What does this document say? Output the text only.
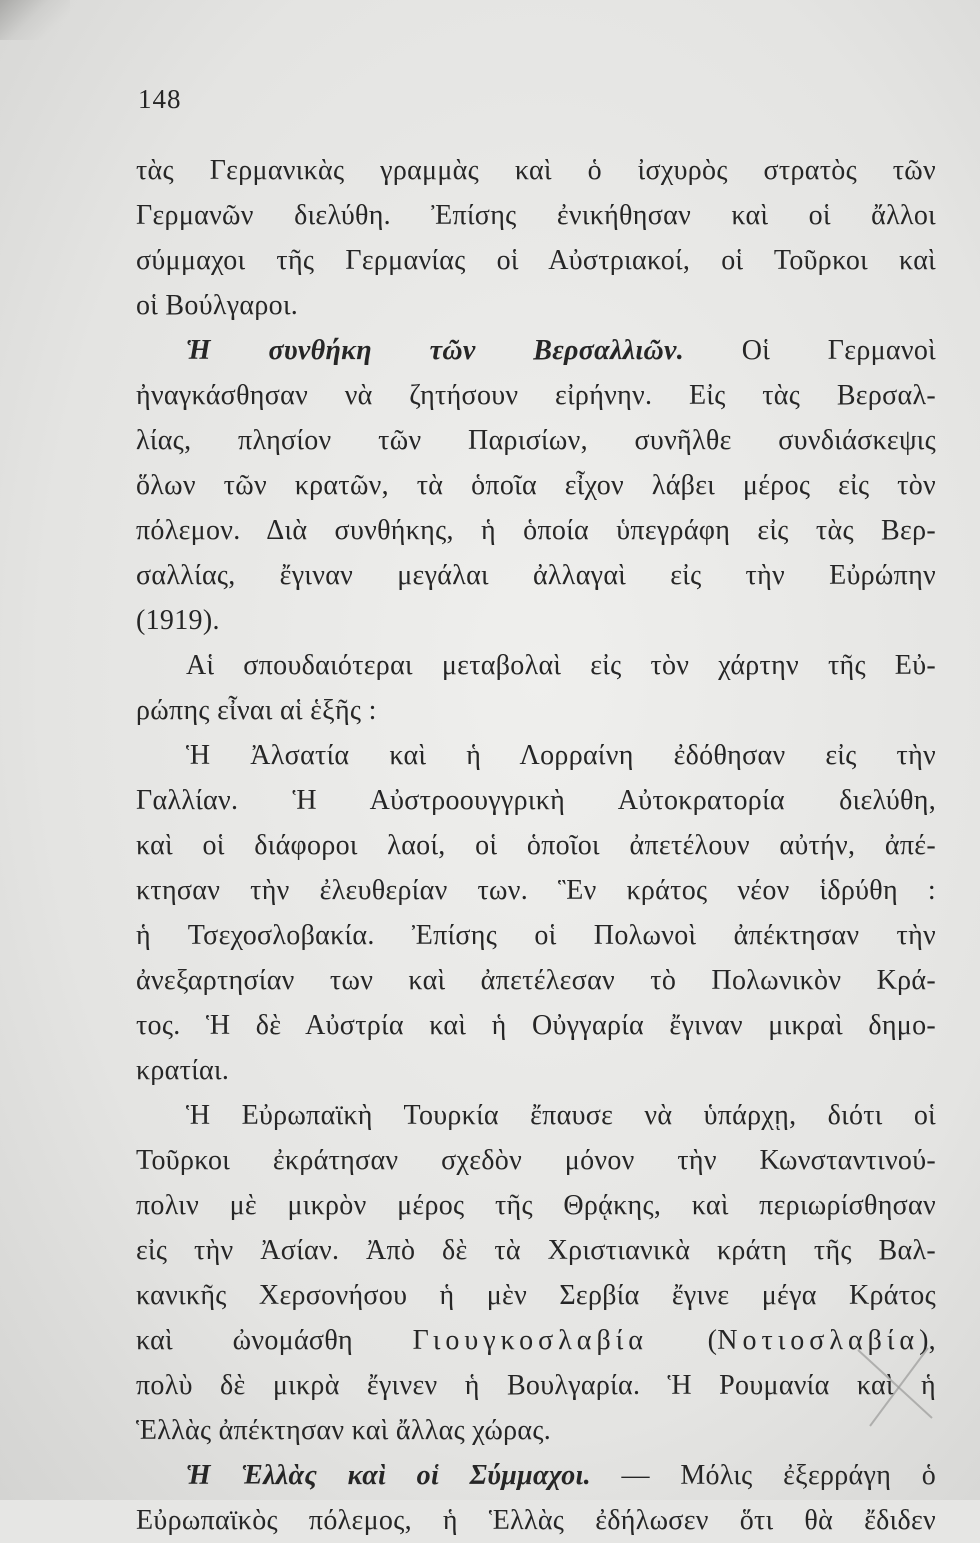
148
τὰς Γερμανικὰς γραμμὰς καὶ ὁ ἰσχυρὸς στρατὸς τῶν
Γερμανῶν διελύθη. Ἐπίσης ἐνικήθησαν καὶ οἱ ἄλλοι
σύμμαχοι τῆς Γερμανίας οἱ Αὐστριακοί, οἱ Τοῦρκοι καὶ
οἱ Βούλγαροι.
Ἡ συνθήκη τῶν Βερσαλλιῶν. Οἱ Γερμανοὶ
ἠναγκάσθησαν νὰ ζητήσουν εἰρήνην. Εἰς τὰς Βερσαλ-
λίας, πλησίον τῶν Παρισίων, συνῆλθε συνδιάσκεψις
ὅλων τῶν κρατῶν, τὰ ὁποῖα εἶχον λάβει μέρος εἰς τὸν
πόλεμον. Διὰ συνθήκης, ἡ ὁποία ὑπεγράφη εἰς τὰς Βερ-
σαλλίας, ἔγιναν μεγάλαι ἀλλαγαὶ εἰς τὴν Εὐρώπην
(1919).
Αἱ σπουδαιότεραι μεταβολαὶ εἰς τὸν χάρτην τῆς Εὐ-
ρώπης εἶναι αἱ ἑξῆς :
Ἡ Ἀλσατία καὶ ἡ Λορραίνη ἐδόθησαν εἰς τὴν
Γαλλίαν. Ἡ Αὐστροουγγρικὴ Αὐτοκρατορία διελύθη,
καὶ οἱ διάφοροι λαοί, οἱ ὁποῖοι ἀπετέλουν αὐτήν, ἀπέ-
κτησαν τὴν ἐλευθερίαν των. Ἓν κράτος νέον ἱδρύθη :
ἡ Τσεχοσλοβακία. Ἐπίσης οἱ Πολωνοὶ ἀπέκτησαν τὴν
ἀνεξαρτησίαν των καὶ ἀπετέλεσαν τὸ Πολωνικὸν Κρά-
τος. Ἡ δὲ Αὐστρία καὶ ἡ Οὐγγαρία ἔγιναν μικραὶ δημο-
κρατίαι.
Ἡ Εὐρωπαϊκὴ Τουρκία ἔπαυσε νὰ ὑπάρχῃ, διότι οἱ
Τοῦρκοι ἐκράτησαν σχεδὸν μόνον τὴν Κωνσταντινού-
πολιν μὲ μικρὸν μέρος τῆς Θρᾴκης, καὶ περιωρίσθησαν
εἰς τὴν Ἀσίαν. Ἀπὸ δὲ τὰ Χριστιανικὰ κράτη τῆς Βαλ-
κανικῆς Χερσονήσου ἡ μὲν Σερβία ἔγινε μέγα Κράτος
καὶ ὠνομάσθη Γιουγκοσλαβία (Νοτιοσλαβία),
πολὺ δὲ μικρὰ ἔγινεν ἡ Βουλγαρία. Ἡ Ρουμανία καὶ ἡ
Ἑλλὰς ἀπέκτησαν καὶ ἄλλας χώρας.
Ἡ Ἑλλὰς καὶ οἱ Σύμμαχοι. — Μόλις ἐξερράγη ὁ
Εὐρωπαϊκὸς πόλεμος, ἡ Ἑλλὰς ἐδήλωσεν ὅτι θὰ ἔδιδεν
